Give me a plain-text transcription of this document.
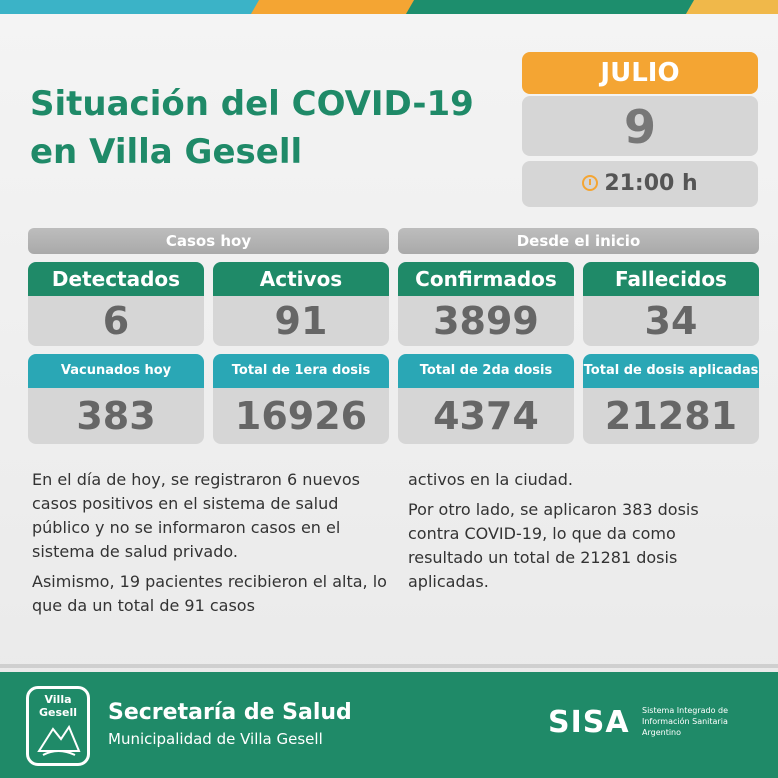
Situación del COVID-19
en Villa Gesell
JULIO
9
21:00 h
Casos hoy	Desde el inicio
Detectados
6
Activos
91
Confirmados
3899
Fallecidos
34
Vacunados hoy
383
Total de 1era dosis
16926
Total de 2da dosis
4374
Total de dosis aplicadas
21281

En el día de hoy, se registraron 6 nuevos casos positivos en el sistema de salud público y no se informaron casos en el sistema de salud privado.

Asimismo, 19 pacientes recibieron el alta, lo que da un total de 91 casos

activos en la ciudad.

Por otro lado, se aplicaron 383 dosis contra COVID-19, lo que da como resultado un total de 21281 dosis aplicadas.

Villa Gesell	Secretaría de Salud
Municipalidad de Villa Gesell	SISA Sistema Integrado de Información Sanitaria Argentino
